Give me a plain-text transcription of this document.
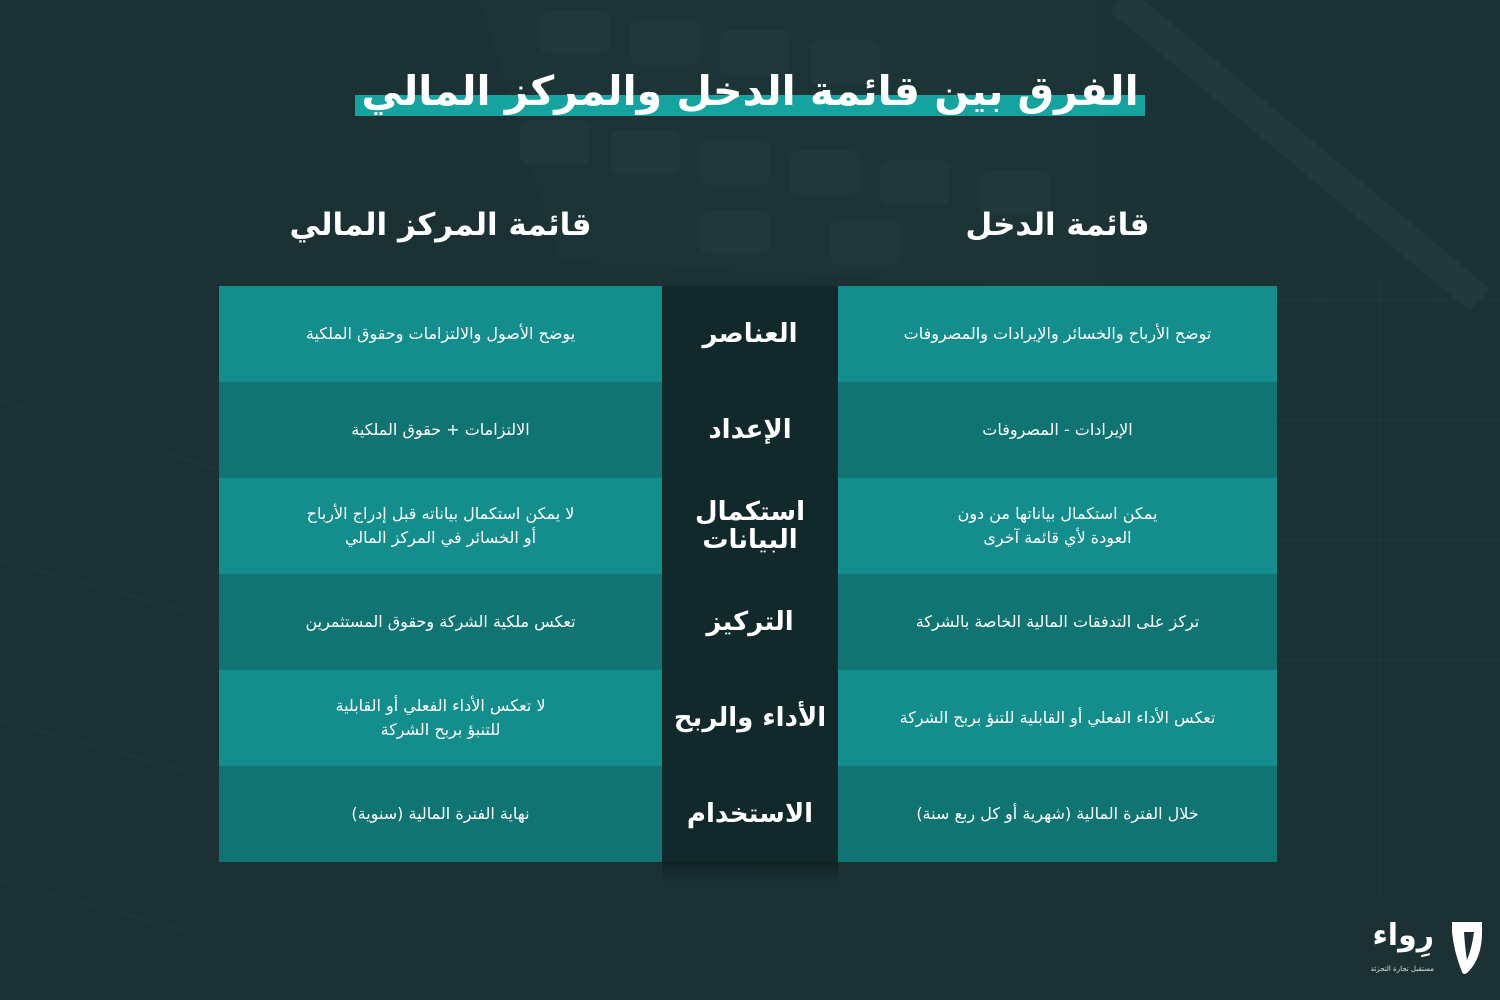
الفرق بين قائمة الدخل والمركز المالي
قائمة الدخل
قائمة المركز المالي
توضح الأرباح والخسائر والإيرادات والمصروفات
العناصر
يوضح الأصول والالتزامات وحقوق الملكية
الإيرادات - المصروفات
الإعداد
الالتزامات + حقوق الملكية
يمكن استكمال بياناتها من دون
العودة لأي قائمة آخرى
استكمال البيانات
لا يمكن استكمال بياناته قبل إدراج الأرباح
أو الخسائر في المركز المالي
تركز على التدفقات المالية الخاصة بالشركة
التركيز
تعكس ملكية الشركة وحقوق المستثمرين
تعكس الأداء الفعلي أو القابلية للتنؤ بربح الشركة
الأداء والربح
لا تعكس الأداء الفعلي أو القابلية
للتنبؤ بربح الشركة
خلال الفترة المالية (شهرية أو كل ربع سنة)
الاستخدام
نهاية الفترة المالية (سنوية)
رِواء
مستقبل تجارة التجزئة
